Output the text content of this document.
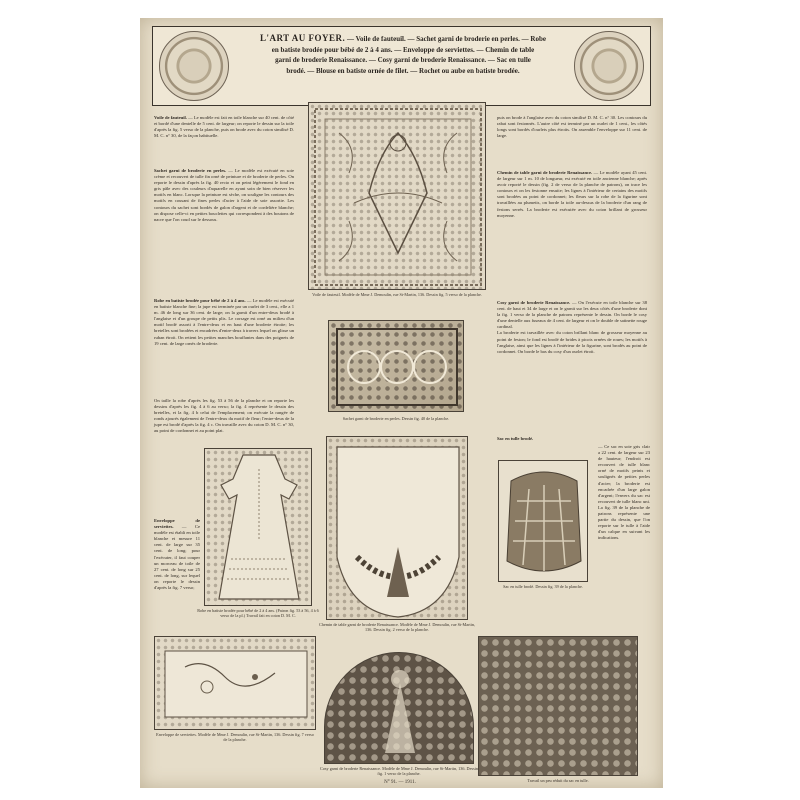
L'ART AU FOYER. — Voile de fauteuil. — Sachet garni de broderie en perles. — Robe
en batiste brodée pour bébé de 2 à 4 ans. — Enveloppe de serviettes. — Chemin de table
garni de broderie Renaissance. — Cosy garni de broderie Renaissance. — Sac en tulle
brodé. — Blouse en batiste ornée de filet. — Rochet ou aube en batiste brodée.
Voile de fauteuil. — Le modèle est fait en toile blanche sur 40 cent. de côté et bordé d'une dentelle de 5 cent. de largeur; on reporte le dessin sur la toile d'après la fig. 5 verso de la planche, puis on brode avec du coton similisé D. M. C. n° 30, de la façon habituelle.
Sachet garni de broderie en perles. — Le modèle est exécuté en soie crème et recouvert de tulle fin orné de peinture et de broderie de perles. On reporte le dessin d'après la fig. 40 recto et on peint légèrement le fond en gris pâle avec des couleurs d'aquarelle en ayant soin de bien réserver les motifs en blanc. Lorsque la peinture est sèche, on souligne les contours des motifs en cousant de fines perles d'acier à l'aide de soie assortie. Les contours du sachet sont bordés de galon d'argent et de cordelière blanche; on dispose celle-ci en petites bouclettes qui correspondent à des boutons de nacre que l'on coud sur le dessous.
Robe en batiste brodée pour bébé de 2 à 4 ans. — Le modèle est exécuté en batiste blanche fine; la jupe est terminée par un ourlet de 3 cent., elle a 1 m. 46 de long sur 36 cent. de large; on la garnit d'un entre-deux brodé à l'anglaise et d'un groupe de petits plis. Le corsage est orné au milieu d'un motif brodé assorti à l'entre-deux et en haut d'une broderie étroite; les bretelles sont brodées et encadrées d'entre-deux à travers lequel on glisse un ruban étroit. On retient les petites manches bouffantes dans des poignets de 19 cent. de large ornés de broderie.
On taille la robe d'après les fig. 53 à 56 de la planche et on reporte les dessins d'après les fig. 4 à 6 au verso; la fig. 4 représente le dessin des bretelles, et la fig. 4 b celui de l'emplacement; on exécute la rangée de ronds ajourés également de l'entre-deux du motif de fleur; l'entre-deux de la jupe est brodé d'après la fig. 4 c. On travaille avec du coton D. M. C. n° 30, au point de cordonnet et au point plat.
Enveloppe de serviettes. — Ce modèle est établi en toile blanche et mesure 11 cent. de large sur 35 cent. de long; pour l'exécuter, il faut couper un morceau de toile de 27 cent. de long sur 25 cent. de long, sur lequel on reporte le dessin d'après la fig. 7 verso;
puis on brode à l'anglaise avec du coton similisé D. M. C. n° 30. Les contours du rabat sont festonnés. L'autre côté est terminé par un ourlet de 1 cent., les côtés longs sont bordés d'ourlets plus étroits. On assemble l'enveloppe sur 11 cent. de large.
Chemin de table garni de broderie Renaissance. — Le modèle ayant 45 cent. de largeur sur 1 m. 10 de longueur, est exécuté en toile ancienne blanche; après avoir reporté le dessin (fig. 2 de verso de la planche de patrons), on trace les contours et on les festonne ensuite; les lignes à l'intérieur de certains des motifs sont brodées au point de cordonnet; les fleurs sur la robe de la figurine sont travaillées au plumetis, on borde la toile au-dessus de la broderie d'un rang de festons serrés. La broderie est exécutée avec du coton brillant de grosseur moyenne.
Cosy garni de broderie Renaissance. — On l'exécute en toile blanche sur 38 cent. de haut et 34 de large et on le garnit sur les deux côtés d'une broderie dont la fig. 1 verso de la planche de patrons représente le dessin. On borde le cosy d'une dentelle aux fuseaux de 4 cent. de largeur et on le double de satinette rouge cardinal.
La broderie est travaillée avec du coton brillant blanc de grosseur moyenne au point de feston; le fond est brodé de brides à picots ornées de roues; les motifs à l'anglaise, ainsi que les lignes à l'intérieur de la figurine, sont brodés au point de cordonnet. On borde le bas du cosy d'un ourlet étroit.
Sac en tulle brodé.
— Ce sac en soie gris clair a 22 cent. de largeur sur 23 de hauteur; l'endroit est recouvert de tulle blanc orné de motifs peints et soulignés de petites perles d'acier; la broderie est encadrée d'un large galon d'argent; l'envers du sac est recouvert de tulle blanc uni. La fig. 39 de la planche de patrons représente une partie du dessin, que l'on reporte sur le tulle à l'aide d'un calque en suivant les indications.
Voile de fauteuil. Modèle de Mme J. Demoulin, rue St-Martin, 136. Dessin fig. 5 verso de la planche.
Sachet garni de broderie en perles. Dessin fig. 40 de la planche.
Robe en batiste brodée pour bébé de 2 à 4 ans. (Patron fig. 53 à 56, 4 à 6 verso de la pl.) Travail fait en coton D. M. C.
Chemin de table garni de broderie Renaissance. Modèle de Mme J. Demoulin, rue St-Martin, 136. Dessin fig. 2 verso de la planche.
Sac en tulle brodé. Dessin fig. 39 de la planche.
Enveloppe de serviettes. Modèle de Mme J. Demoulin, rue St-Martin, 136. Dessin fig. 7 verso de la planche.
Cosy garni de broderie Renaissance. Modèle de Mme J. Demoulin, rue St-Martin, 136. Dessin fig. 1 verso de la planche.
Travail un peu réduit du sac en tulle.
N° 91. — 1911.
